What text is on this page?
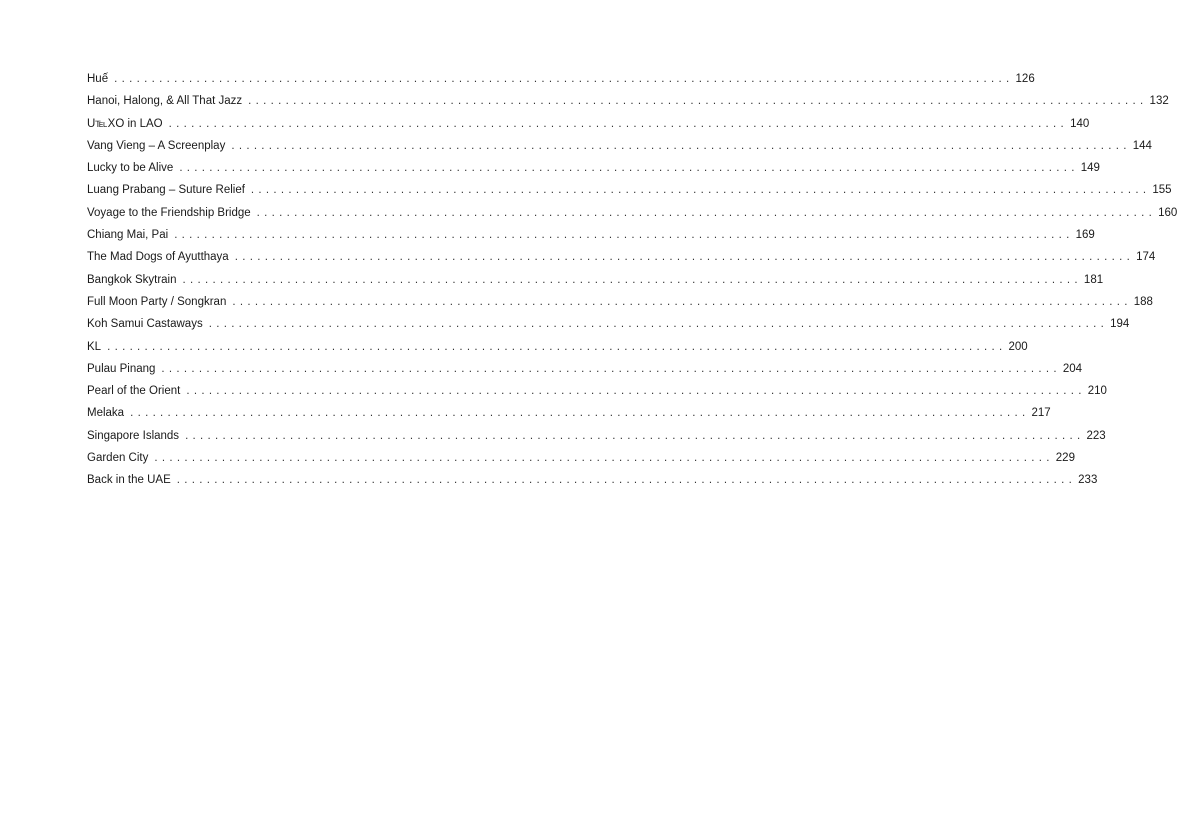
Huế ........................................................................................................................ 126
Hanoi, Halong, & All That Jazz ........................................................................................................................ 132
U℡XO in LAO ........................................................................................................................ 140
Vang Vieng – A Screenplay ........................................................................................................................ 144
Lucky to be Alive ........................................................................................................................ 149
Luang Prabang – Suture Relief ........................................................................................................................ 155
Voyage to the Friendship Bridge ........................................................................................................................ 160
Chiang Mai, Pai ........................................................................................................................ 169
The Mad Dogs of Ayutthaya ........................................................................................................................ 174
Bangkok Skytrain ........................................................................................................................ 181
Full Moon Party / Songkran ........................................................................................................................ 188
Koh Samui Castaways ........................................................................................................................ 194
KL ........................................................................................................................ 200
Pulau Pinang ........................................................................................................................ 204
Pearl of the Orient ........................................................................................................................ 210
Melaka ........................................................................................................................ 217
Singapore Islands ........................................................................................................................ 223
Garden City ........................................................................................................................ 229
Back in the UAE ........................................................................................................................ 233
